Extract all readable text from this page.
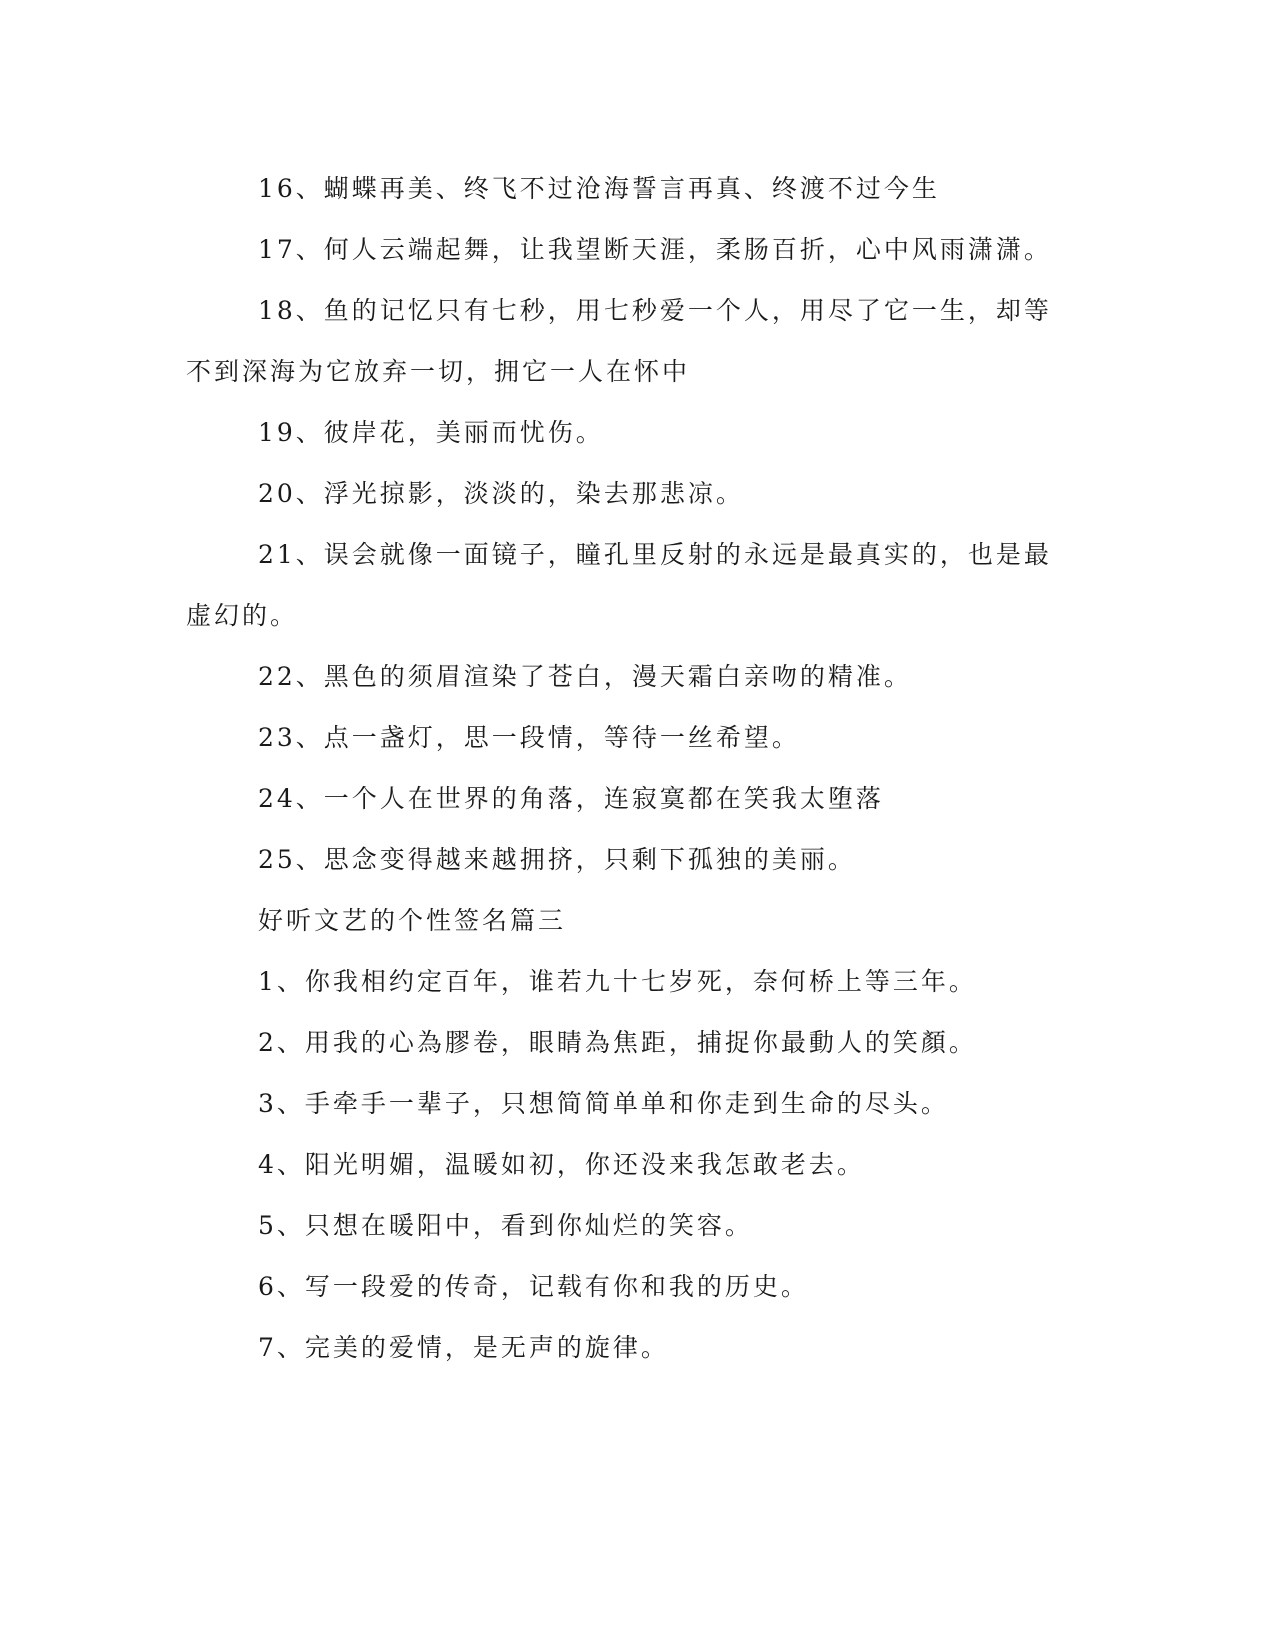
16、蝴蝶再美、终飞不过沧海誓言再真、终渡不过今生

17、何人云端起舞，让我望断天涯，柔肠百折，心中风雨潇潇。

18、鱼的记忆只有七秒，用七秒爱一个人，用尽了它一生，却等不到深海为它放弃一切，拥它一人在怀中

19、彼岸花，美丽而忧伤。

20、浮光掠影，淡淡的，染去那悲凉。

21、误会就像一面镜子，瞳孔里反射的永远是最真实的，也是最虚幻的。

22、黑色的须眉渲染了苍白，漫天霜白亲吻的精准。

23、点一盏灯，思一段情，等待一丝希望。

24、一个人在世界的角落，连寂寞都在笑我太堕落

25、思念变得越来越拥挤，只剩下孤独的美丽。

好听文艺的个性签名篇三

1、你我相约定百年，谁若九十七岁死，奈何桥上等三年。

2、用我的心為膠卷，眼睛為焦距，捕捉你最動人的笑顏。

3、手牵手一辈子，只想简简单单和你走到生命的尽头。

4、阳光明媚，温暖如初，你还没来我怎敢老去。

5、只想在暖阳中，看到你灿烂的笑容。

6、写一段爱的传奇，记载有你和我的历史。

7、完美的爱情，是无声的旋律。
